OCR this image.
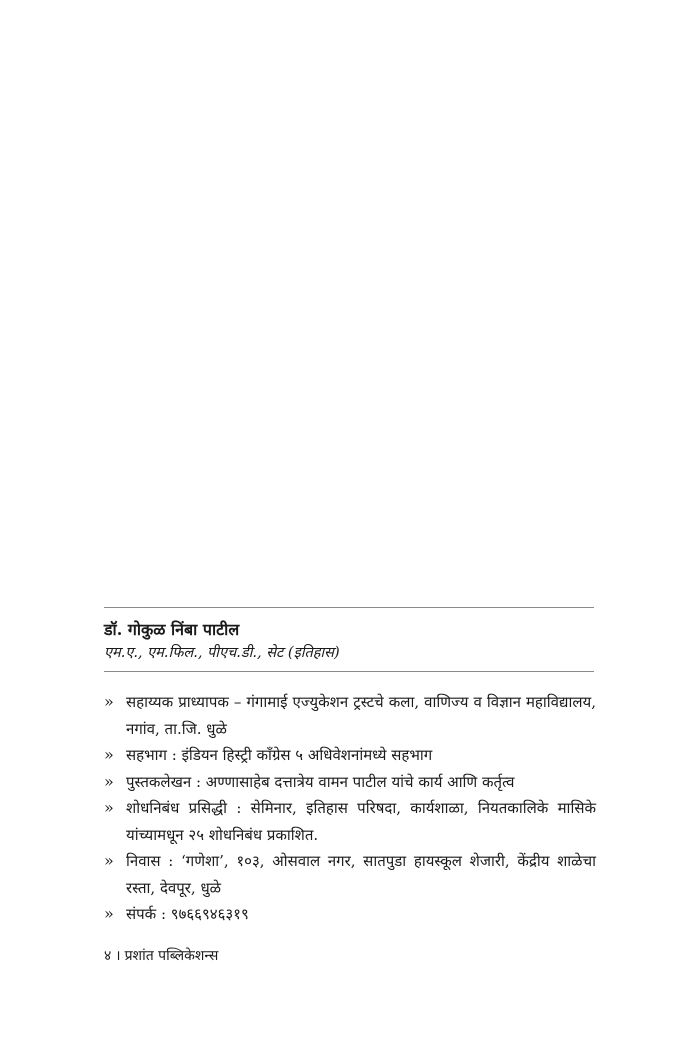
डॉ. गोकुळ निंबा पाटील
एम.ए., एम.फिल., पीएच.डी., सेट (इतिहास)
» सहाय्यक प्राध्यापक – गंगामाई एज्युकेशन ट्रस्टचे कला, वाणिज्य व विज्ञान महाविद्यालय, नगांव, ता.जि. धुळे
» सहभाग : इंडियन हिस्ट्री काँग्रेस ५ अधिवेशनांमध्ये सहभाग
» पुस्तकलेखन : अण्णासाहेब दत्तात्रेय वामन पाटील यांचे कार्य आणि कर्तृत्व
» शोधनिबंध प्रसिद्धी : सेमिनार, इतिहास परिषदा, कार्यशाळा, नियतकालिके मासिके यांच्यामधून २५ शोधनिबंध प्रकाशित.
» निवास : ‘गणेशा’, १०३, ओसवाल नगर, सातपुडा हायस्कूल शेजारी, केंद्रीय शाळेचा रस्ता, देवपूर, धुळे
» संपर्क : ९७६६९४६३१९
४ । प्रशांत पब्लिकेशन्स
